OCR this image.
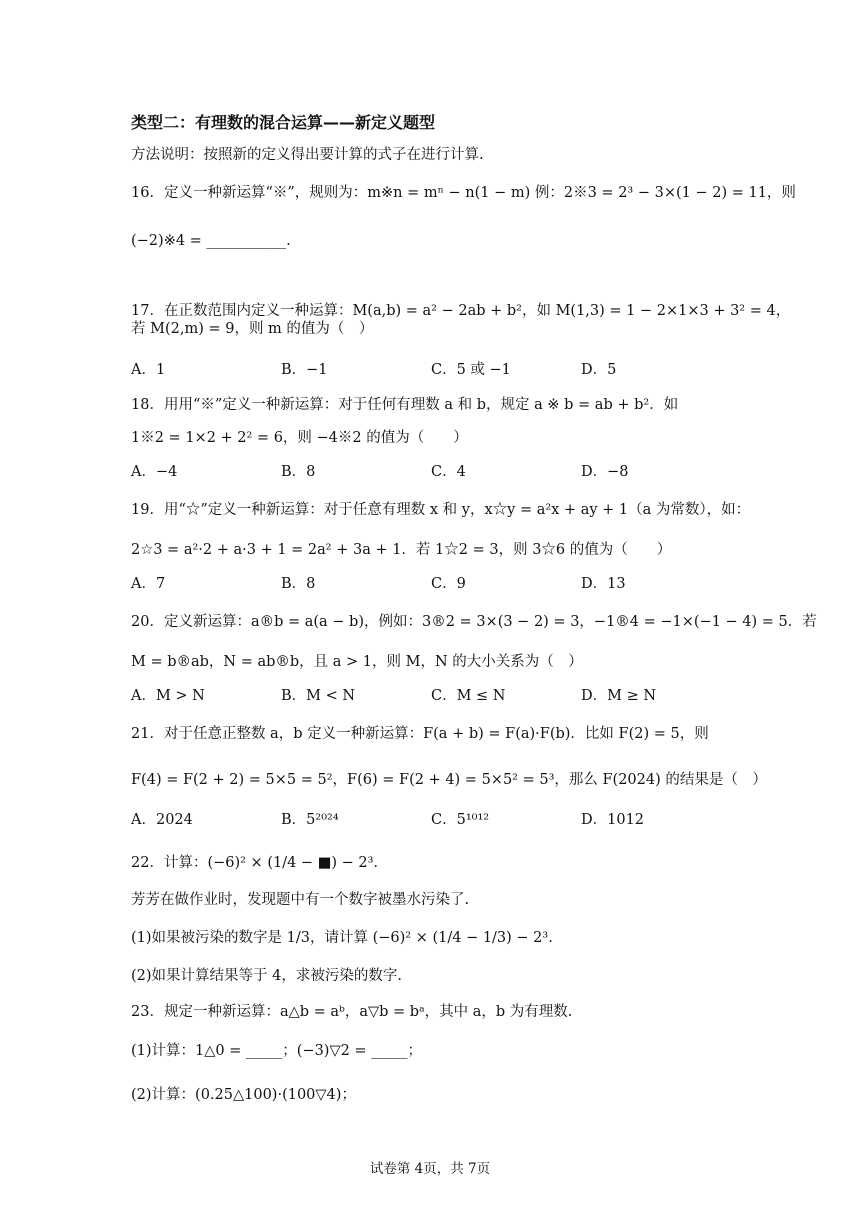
类型二：有理数的混合运算——新定义题型
方法说明：按照新的定义得出要计算的式子在进行计算.
16．定义一种新运算“※”，规则为：m※n = mⁿ − n(1 − m) 例：2※3 = 2³ − 3×(1 − 2) = 11，则
(−2)※4 = ___________.
17．在正数范围内定义一种运算：M(a,b) = a² − 2ab + b²，如 M(1,3) = 1 − 2×1×3 + 3² = 4，
若 M(2,m) = 9，则 m 的值为（　）
A．1	B．−1	C．5 或 −1	D．5
18．用用“※”定义一种新运算：对于任何有理数 a 和 b，规定 a ※ b = ab + b²．如
1※2 = 1×2 + 2² = 6，则 −4※2 的值为（　　）
A．−4	B．8	C．4	D．−8
19．用“☆”定义一种新运算：对于任意有理数 x 和 y，x☆y = a²x + ay + 1（a 为常数），如：
2☆3 = a²·2 + a·3 + 1 = 2a² + 3a + 1．若 1☆2 = 3，则 3☆6 的值为（　　）
A．7	B．8	C．9	D．13
20．定义新运算：a®b = a(a − b)，例如：3®2 = 3×(3 − 2) = 3，−1®4 = −1×(−1 − 4) = 5．若
M = b®ab，N = ab®b，且 a > 1，则 M，N 的大小关系为（　）
A．M > N	B．M < N	C．M ≤ N	D．M ≥ N
21．对于任意正整数 a，b 定义一种新运算：F(a + b) = F(a)·F(b)．比如 F(2) = 5，则
F(4) = F(2 + 2) = 5×5 = 5²，F(6) = F(2 + 4) = 5×5² = 5³，那么 F(2024) 的结果是（　）
A．2024	B．5²⁰²⁴	C．5¹⁰¹²	D．1012
22．计算：(−6)² × (1/4 − ■) − 2³．
芳芳在做作业时，发现题中有一个数字被墨水污染了.
(1)如果被污染的数字是 1/3，请计算 (−6)² × (1/4 − 1/3) − 2³.
(2)如果计算结果等于 4，求被污染的数字.
23．规定一种新运算：a△b = aᵇ，a▽b = bᵃ，其中 a，b 为有理数.
(1)计算：1△0 = _____；(−3)▽2 = _____；
(2)计算：(0.25△100)·(100▽4)；
试卷第 4页，共 7页
